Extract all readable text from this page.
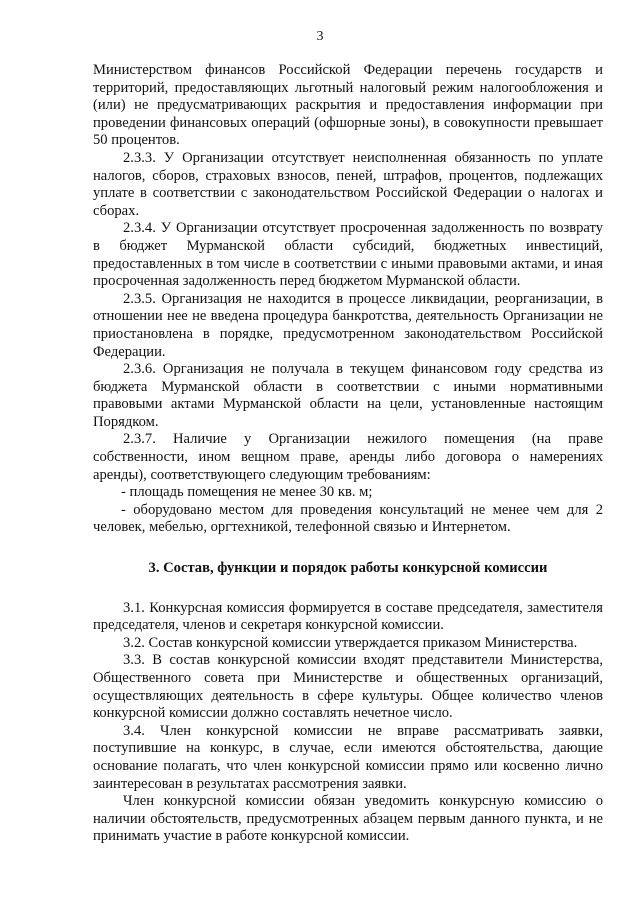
3

Министерством финансов Российской Федерации перечень государств и территорий, предоставляющих льготный налоговый режим налогообложения и (или) не предусматривающих раскрытия и предоставления информации при проведении финансовых операций (офшорные зоны), в совокупности превышает 50 процентов.

2.3.3. У Организации отсутствует неисполненная обязанность по уплате налогов, сборов, страховых взносов, пеней, штрафов, процентов, подлежащих уплате в соответствии с законодательством Российской Федерации о налогах и сборах.

2.3.4. У Организации отсутствует просроченная задолженность по возврату в бюджет Мурманской области субсидий, бюджетных инвестиций, предоставленных в том числе в соответствии с иными правовыми актами, и иная просроченная задолженность перед бюджетом Мурманской области.

2.3.5. Организация не находится в процессе ликвидации, реорганизации, в отношении нее не введена процедура банкротства, деятельность Организации не приостановлена в порядке, предусмотренном законодательством Российской Федерации.

2.3.6. Организация не получала в текущем финансовом году средства из бюджета Мурманской области в соответствии с иными нормативными правовыми актами Мурманской области на цели, установленные настоящим Порядком.

2.3.7. Наличие у Организации нежилого помещения (на праве собственности, ином вещном праве, аренды либо договора о намерениях аренды), соответствующего следующим требованиям:

- площадь помещения не менее 30 кв. м;

- оборудовано местом для проведения консультаций не менее чем для 2 человек, мебелью, оргтехникой, телефонной связью и Интернетом.

3. Состав, функции и порядок работы конкурсной комиссии

3.1. Конкурсная комиссия формируется в составе председателя, заместителя председателя, членов и секретаря конкурсной комиссии.

3.2. Состав конкурсной комиссии утверждается приказом Министерства.

3.3. В состав конкурсной комиссии входят представители Министерства, Общественного совета при Министерстве и общественных организаций, осуществляющих деятельность в сфере культуры. Общее количество членов конкурсной комиссии должно составлять нечетное число.

3.4. Член конкурсной комиссии не вправе рассматривать заявки, поступившие на конкурс, в случае, если имеются обстоятельства, дающие основание полагать, что член конкурсной комиссии прямо или косвенно лично заинтересован в результатах рассмотрения заявки.

Член конкурсной комиссии обязан уведомить конкурсную комиссию о наличии обстоятельств, предусмотренных абзацем первым данного пункта, и не принимать участие в работе конкурсной комиссии.
